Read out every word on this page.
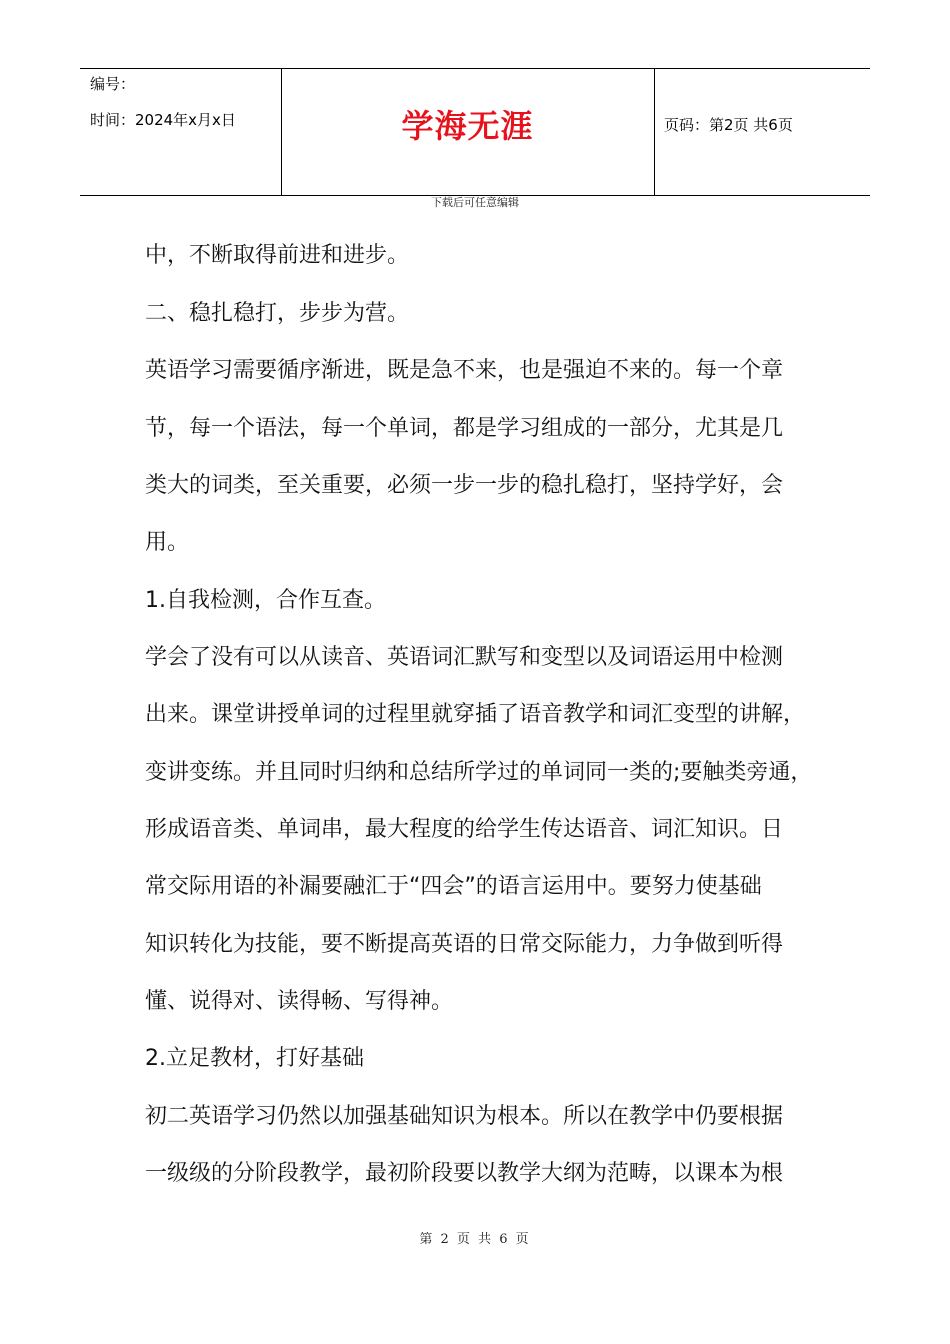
编号：
时间：2024年x月x日	学海无涯	页码：第2页 共6页
下载后可任意编辑
中，不断取得前进和进步。
二、稳扎稳打，步步为营。
英语学习需要循序渐进，既是急不来，也是强迫不来的。每一个章
节，每一个语法，每一个单词，都是学习组成的一部分，尤其是几
类大的词类，至关重要，必须一步一步的稳扎稳打，坚持学好，会
用。
1.自我检测，合作互查。
学会了没有可以从读音、英语词汇默写和变型以及词语运用中检测
出来。课堂讲授单词的过程里就穿插了语音教学和词汇变型的讲解，
变讲变练。并且同时归纳和总结所学过的单词同一类的;要触类旁通，
形成语音类、单词串，最大程度的给学生传达语音、词汇知识。日
常交际用语的补漏要融汇于“四会”的语言运用中。要努力使基础
知识转化为技能，要不断提高英语的日常交际能力，力争做到听得
懂、说得对、读得畅、写得神。
2.立足教材，打好基础
初二英语学习仍然以加强基础知识为根本。所以在教学中仍要根据
一级级的分阶段教学，最初阶段要以教学大纲为范畴，以课本为根
第 2 页 共 6 页
